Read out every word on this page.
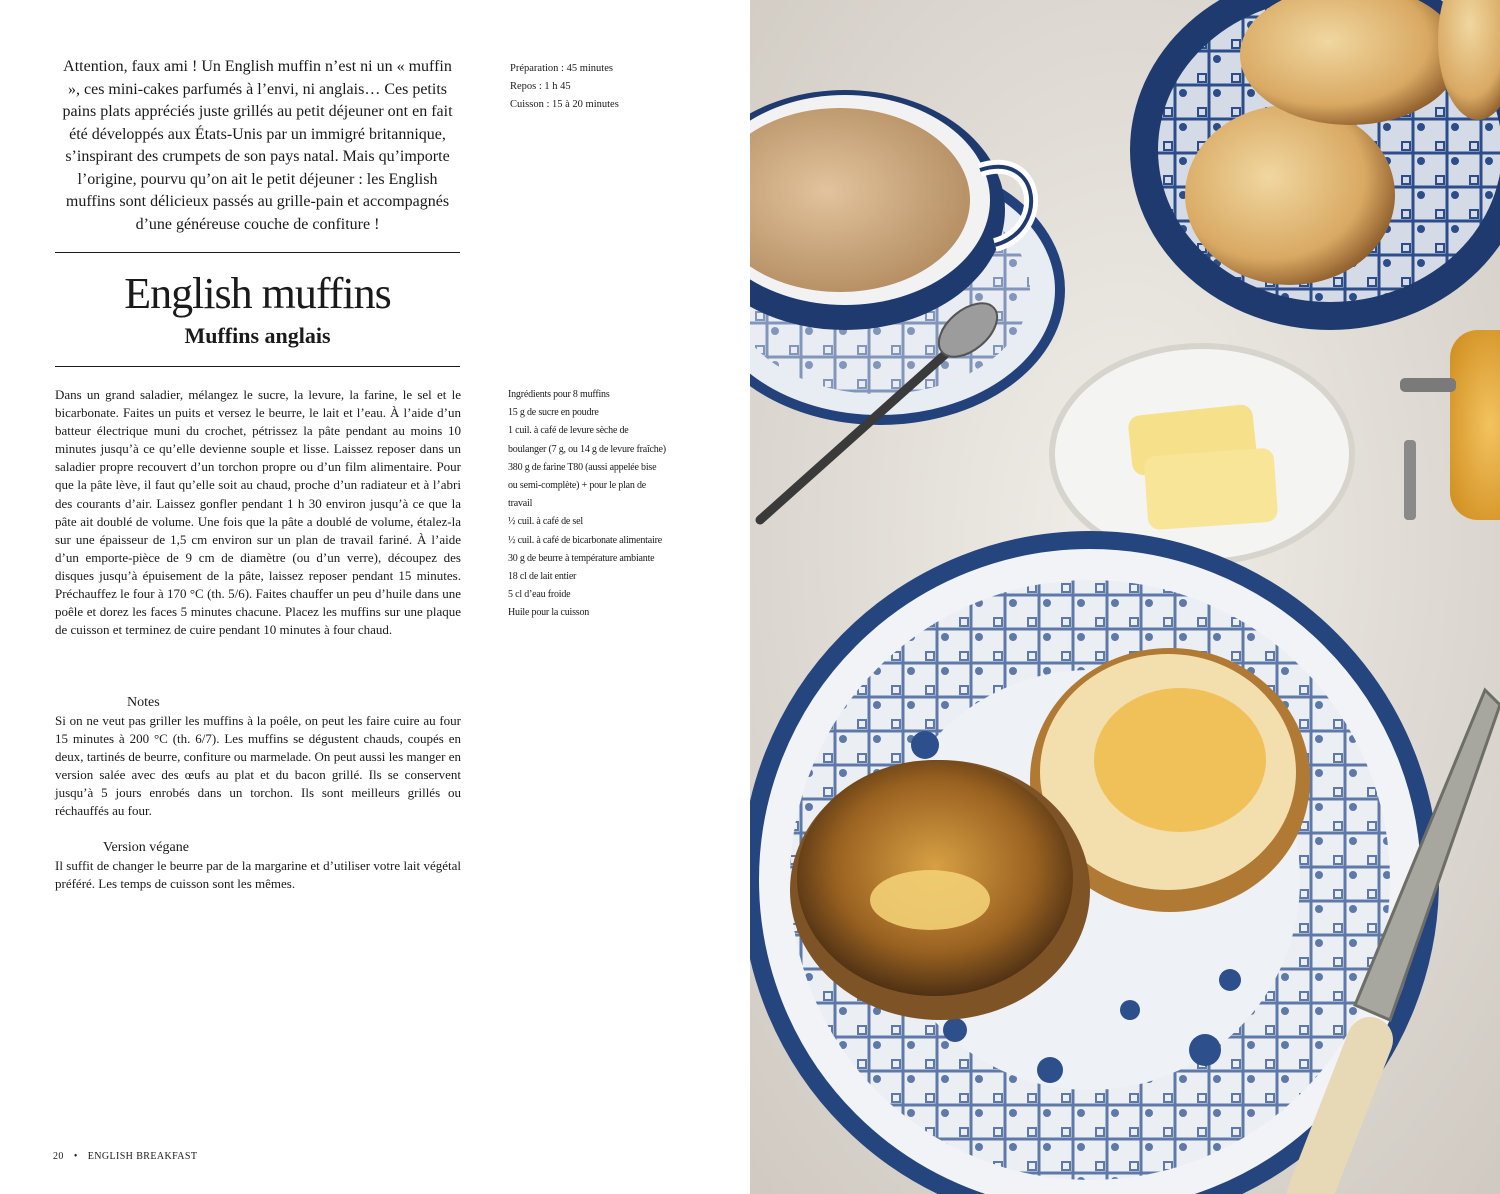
Attention, faux ami ! Un English muffin n’est ni un « muffin », ces mini-cakes parfumés à l’envi, ni anglais… Ces petits pains plats appréciés juste grillés au petit déjeuner ont en fait été développés aux États-Unis par un immigré britannique, s’inspirant des crumpets de son pays natal. Mais qu’importe l’origine, pourvu qu’on ait le petit déjeuner : les English muffins sont délicieux passés au grille-pain et accompagnés d’une généreuse couche de confiture !

Préparation : 45 minutes
Repos : 1 h 45
Cuisson : 15 à 20 minutes
English muffins
Muffins anglais

Dans un grand saladier, mélangez le sucre, la levure, la farine, le sel et le bicarbonate. Faites un puits et versez le beurre, le lait et l’eau. À l’aide d’un batteur électrique muni du crochet, pétrissez la pâte pendant au moins 10 minutes jusqu’à ce qu’elle devienne souple et lisse. Laissez reposer dans un saladier propre recouvert d’un torchon propre ou d’un film alimentaire. Pour que la pâte lève, il faut qu’elle soit au chaud, proche d’un radiateur et à l’abri des courants d’air. Laissez gonfler pendant 1 h 30 environ jusqu’à ce que la pâte ait doublé de volume. Une fois que la pâte a doublé de volume, étalez-la sur une épaisseur de 1,5 cm environ sur un plan de travail fariné. À l’aide d’un emporte-pièce de 9 cm de diamètre (ou d’un verre), découpez des disques jusqu’à épuisement de la pâte, laissez reposer pendant 15 minutes. Préchauffez le four à 170 °C (th. 5/6). Faites chauffer un peu d’huile dans une poêle et dorez les faces 5 minutes chacune. Placez les muffins sur une plaque de cuisson et terminez de cuire pendant 10 minutes à four chaud.

Notes

Si on ne veut pas griller les muffins à la poêle, on peut les faire cuire au four 15 minutes à 200 °C (th. 6/7). Les muffins se dégustent chauds, coupés en deux, tartinés de beurre, confiture ou marmelade. On peut aussi les manger en version salée avec des œufs au plat et du bacon grillé. Ils se conservent jusqu’à 5 jours enrobés dans un torchon. Ils sont meilleurs grillés ou réchauffés au four.

Version végane

Il suffit de changer le beurre par de la margarine et d’utiliser votre lait végétal préféré. Les temps de cuisson sont les mêmes.

Ingrédients pour 8 muffins
15 g de sucre en poudre
1 cuil. à café de levure sèche de
boulanger (7 g, ou 14 g de levure fraîche)
380 g de farine T80 (aussi appelée bise
ou semi-complète) + pour le plan de
travail
½ cuil. à café de sel
½ cuil. à café de bicarbonate alimentaire
30 g de beurre à température ambiante
18 cl de lait entier
5 cl d’eau froide
Huile pour la cuisson
20 • ENGLISH BREAKFAST
